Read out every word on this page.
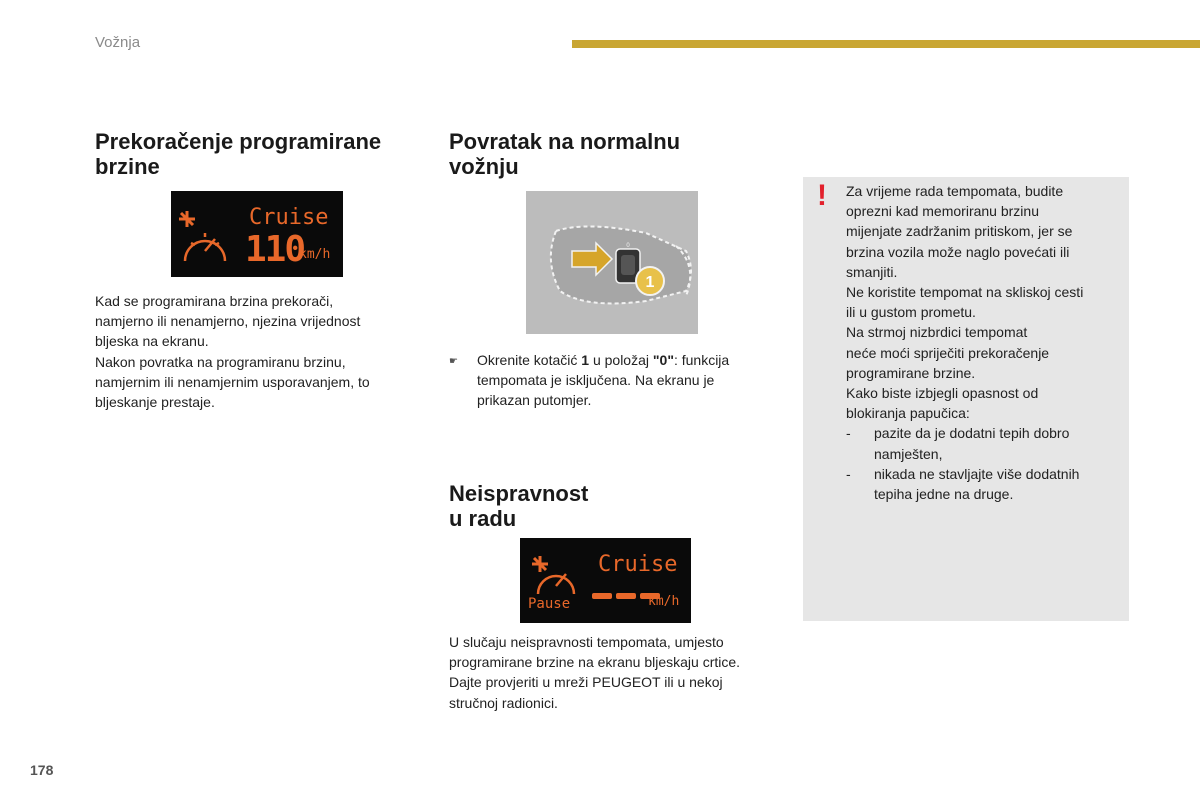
Vožnja
Prekoračenje programirane
brzine
Cruise
110
km/h

Kad se programirana brzina prekorači,

namjerno ili nenamjerno, njezina vrijednost

bljeska na ekranu.

Nakon povratka na programiranu brzinu,

namjernim ili nenamjernim usporavanjem, to

bljeskanje prestaje.

Povratak na normalnu
vožnju
1
0
☛ Okrenite kotačić 1 u položaj "0": funkcija

tempomata je isključena. Na ekranu je

prikazan putomjer.

Neispravnost
u radu
Cruise
Pause	km/h

U slučaju neispravnosti tempomata, umjesto

programirane brzine na ekranu bljeskaju crtice.

Dajte provjeriti u mreži PEUGEOT ili u nekoj

stručnoj radionici.

! Za vrijeme rada tempomata, budite

oprezni kad memoriranu brzinu

mijenjate zadržanim pritiskom, jer se

brzina vozila može naglo povećati ili

smanjiti.

Ne koristite tempomat na skliskoj cesti

ili u gustom prometu.

Na strmoj nizbrdici tempomat

neće moći spriječiti prekoračenje

programirane brzine.

Kako biste izbjegli opasnost od

blokiranja papučica:

- pazite da je dodatni tepih dobro

namješten,

- nikada ne stavljajte više dodatnih

tepiha jedne na druge.

178
